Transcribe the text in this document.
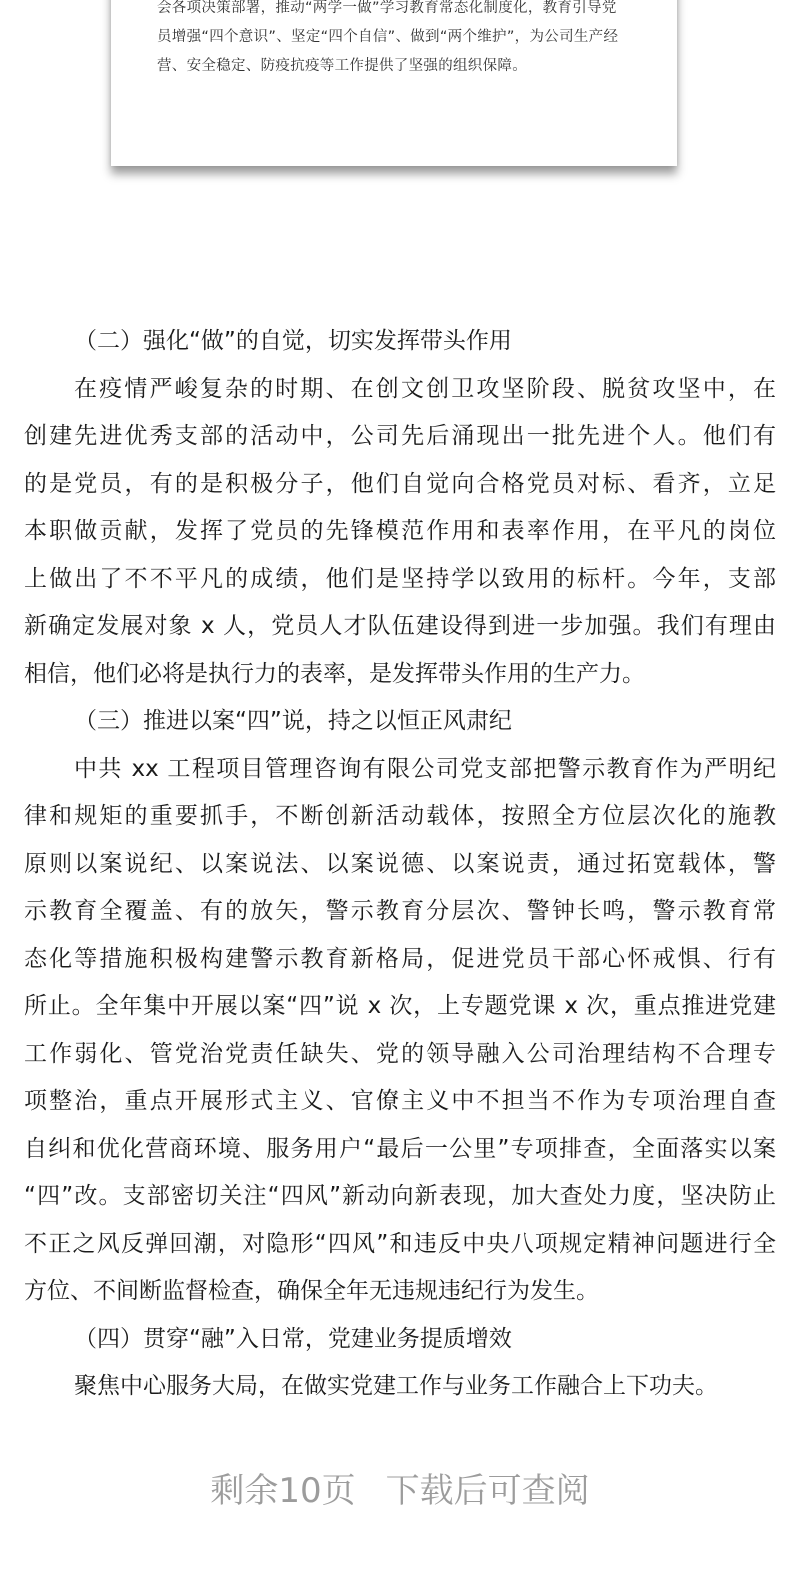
会各项决策部署，推动“两学一做”学习教育常态化制度化，教育引导党
员增强“四个意识”、坚定“四个自信”、做到“两个维护”，为公司生产经
营、安全稳定、防疫抗疫等工作提供了坚强的组织保障。
（二）强化“做”的自觉，切实发挥带头作用
在疫情严峻复杂的时期、在创文创卫攻坚阶段、脱贫攻坚中，在
创建先进优秀支部的活动中，公司先后涌现出一批先进个人。他们有
的是党员，有的是积极分子，他们自觉向合格党员对标、看齐，立足
本职做贡献，发挥了党员的先锋模范作用和表率作用，在平凡的岗位
上做出了不不平凡的成绩，他们是坚持学以致用的标杆。今年，支部
新确定发展对象 x 人，党员人才队伍建设得到进一步加强。我们有理由
相信，他们必将是执行力的表率，是发挥带头作用的生产力。
（三）推进以案“四”说，持之以恒正风肃纪
中共 xx 工程项目管理咨询有限公司党支部把警示教育作为严明纪
律和规矩的重要抓手，不断创新活动载体，按照全方位层次化的施教
原则以案说纪、以案说法、以案说德、以案说责，通过拓宽载体，警
示教育全覆盖、有的放矢，警示教育分层次、警钟长鸣，警示教育常
态化等措施积极构建警示教育新格局，促进党员干部心怀戒惧、行有
所止。全年集中开展以案“四”说 x 次，上专题党课 x 次，重点推进党建
工作弱化、管党治党责任缺失、党的领导融入公司治理结构不合理专
项整治，重点开展形式主义、官僚主义中不担当不作为专项治理自查
自纠和优化营商环境、服务用户“最后一公里”专项排查，全面落实以案
“四”改。支部密切关注“四风”新动向新表现，加大查处力度，坚决防止
不正之风反弹回潮，对隐形“四风”和违反中央八项规定精神问题进行全
方位、不间断监督检查，确保全年无违规违纪行为发生。
（四）贯穿“融”入日常，党建业务提质增效
聚焦中心服务大局，在做实党建工作与业务工作融合上下功夫。
剩余10页 下载后可查阅
